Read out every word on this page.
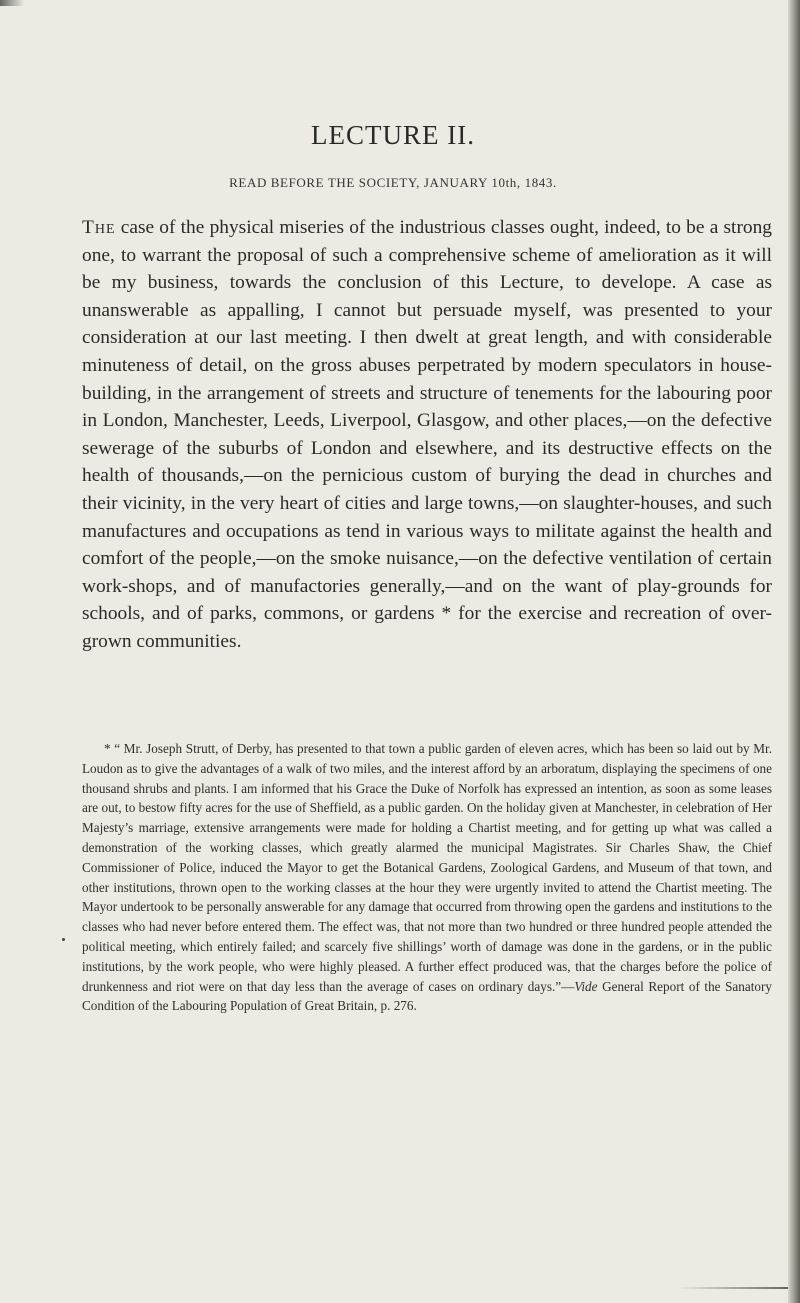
LECTURE II.
READ BEFORE THE SOCIETY, JANUARY 10th, 1843.

The case of the physical miseries of the industrious classes ought, indeed, to be a strong one, to warrant the proposal of such a comprehensive scheme of amelioration as it will be my business, towards the conclusion of this Lecture, to develope. A case as unanswerable as appalling, I cannot but persuade myself, was presented to your consideration at our last meeting. I then dwelt at great length, and with considerable minuteness of detail, on the gross abuses perpetrated by modern speculators in house-building, in the arrangement of streets and structure of tenements for the labouring poor in London, Manchester, Leeds, Liverpool, Glasgow, and other places,—on the defective sewerage of the suburbs of London and elsewhere, and its destructive effects on the health of thousands,—on the pernicious custom of burying the dead in churches and their vicinity, in the very heart of cities and large towns,—on slaughter-houses, and such manufactures and occupations as tend in various ways to militate against the health and comfort of the people,—on the smoke nuisance,—on the defective ventilation of certain work-shops, and of manufactories generally,—and on the want of play-grounds for schools, and of parks, commons, or gardens * for the exercise and recreation of over-grown communities.

* “ Mr. Joseph Strutt, of Derby, has presented to that town a public garden of eleven acres, which has been so laid out by Mr. Loudon as to give the advantages of a walk of two miles, and the interest afford by an arboratum, displaying the specimens of one thousand shrubs and plants. I am informed that his Grace the Duke of Norfolk has expressed an intention, as soon as some leases are out, to bestow fifty acres for the use of Sheffield, as a public garden. On the holiday given at Manchester, in celebration of Her Majesty’s marriage, extensive arrangements were made for holding a Chartist meeting, and for getting up what was called a demonstration of the working classes, which greatly alarmed the municipal Magistrates. Sir Charles Shaw, the Chief Commissioner of Police, induced the Mayor to get the Botanical Gardens, Zoological Gardens, and Museum of that town, and other institutions, thrown open to the working classes at the hour they were urgently invited to attend the Chartist meeting. The Mayor undertook to be personally answerable for any damage that occurred from throwing open the gardens and institutions to the classes who had never before entered them. The effect was, that not more than two hundred or three hundred people attended the political meeting, which entirely failed; and scarcely five shillings’ worth of damage was done in the gardens, or in the public institutions, by the work people, who were highly pleased. A further effect produced was, that the charges before the police of drunkenness and riot were on that day less than the average of cases on ordinary days.”—Vide General Report of the Sanatory Condition of the Labouring Population of Great Britain, p. 276.
